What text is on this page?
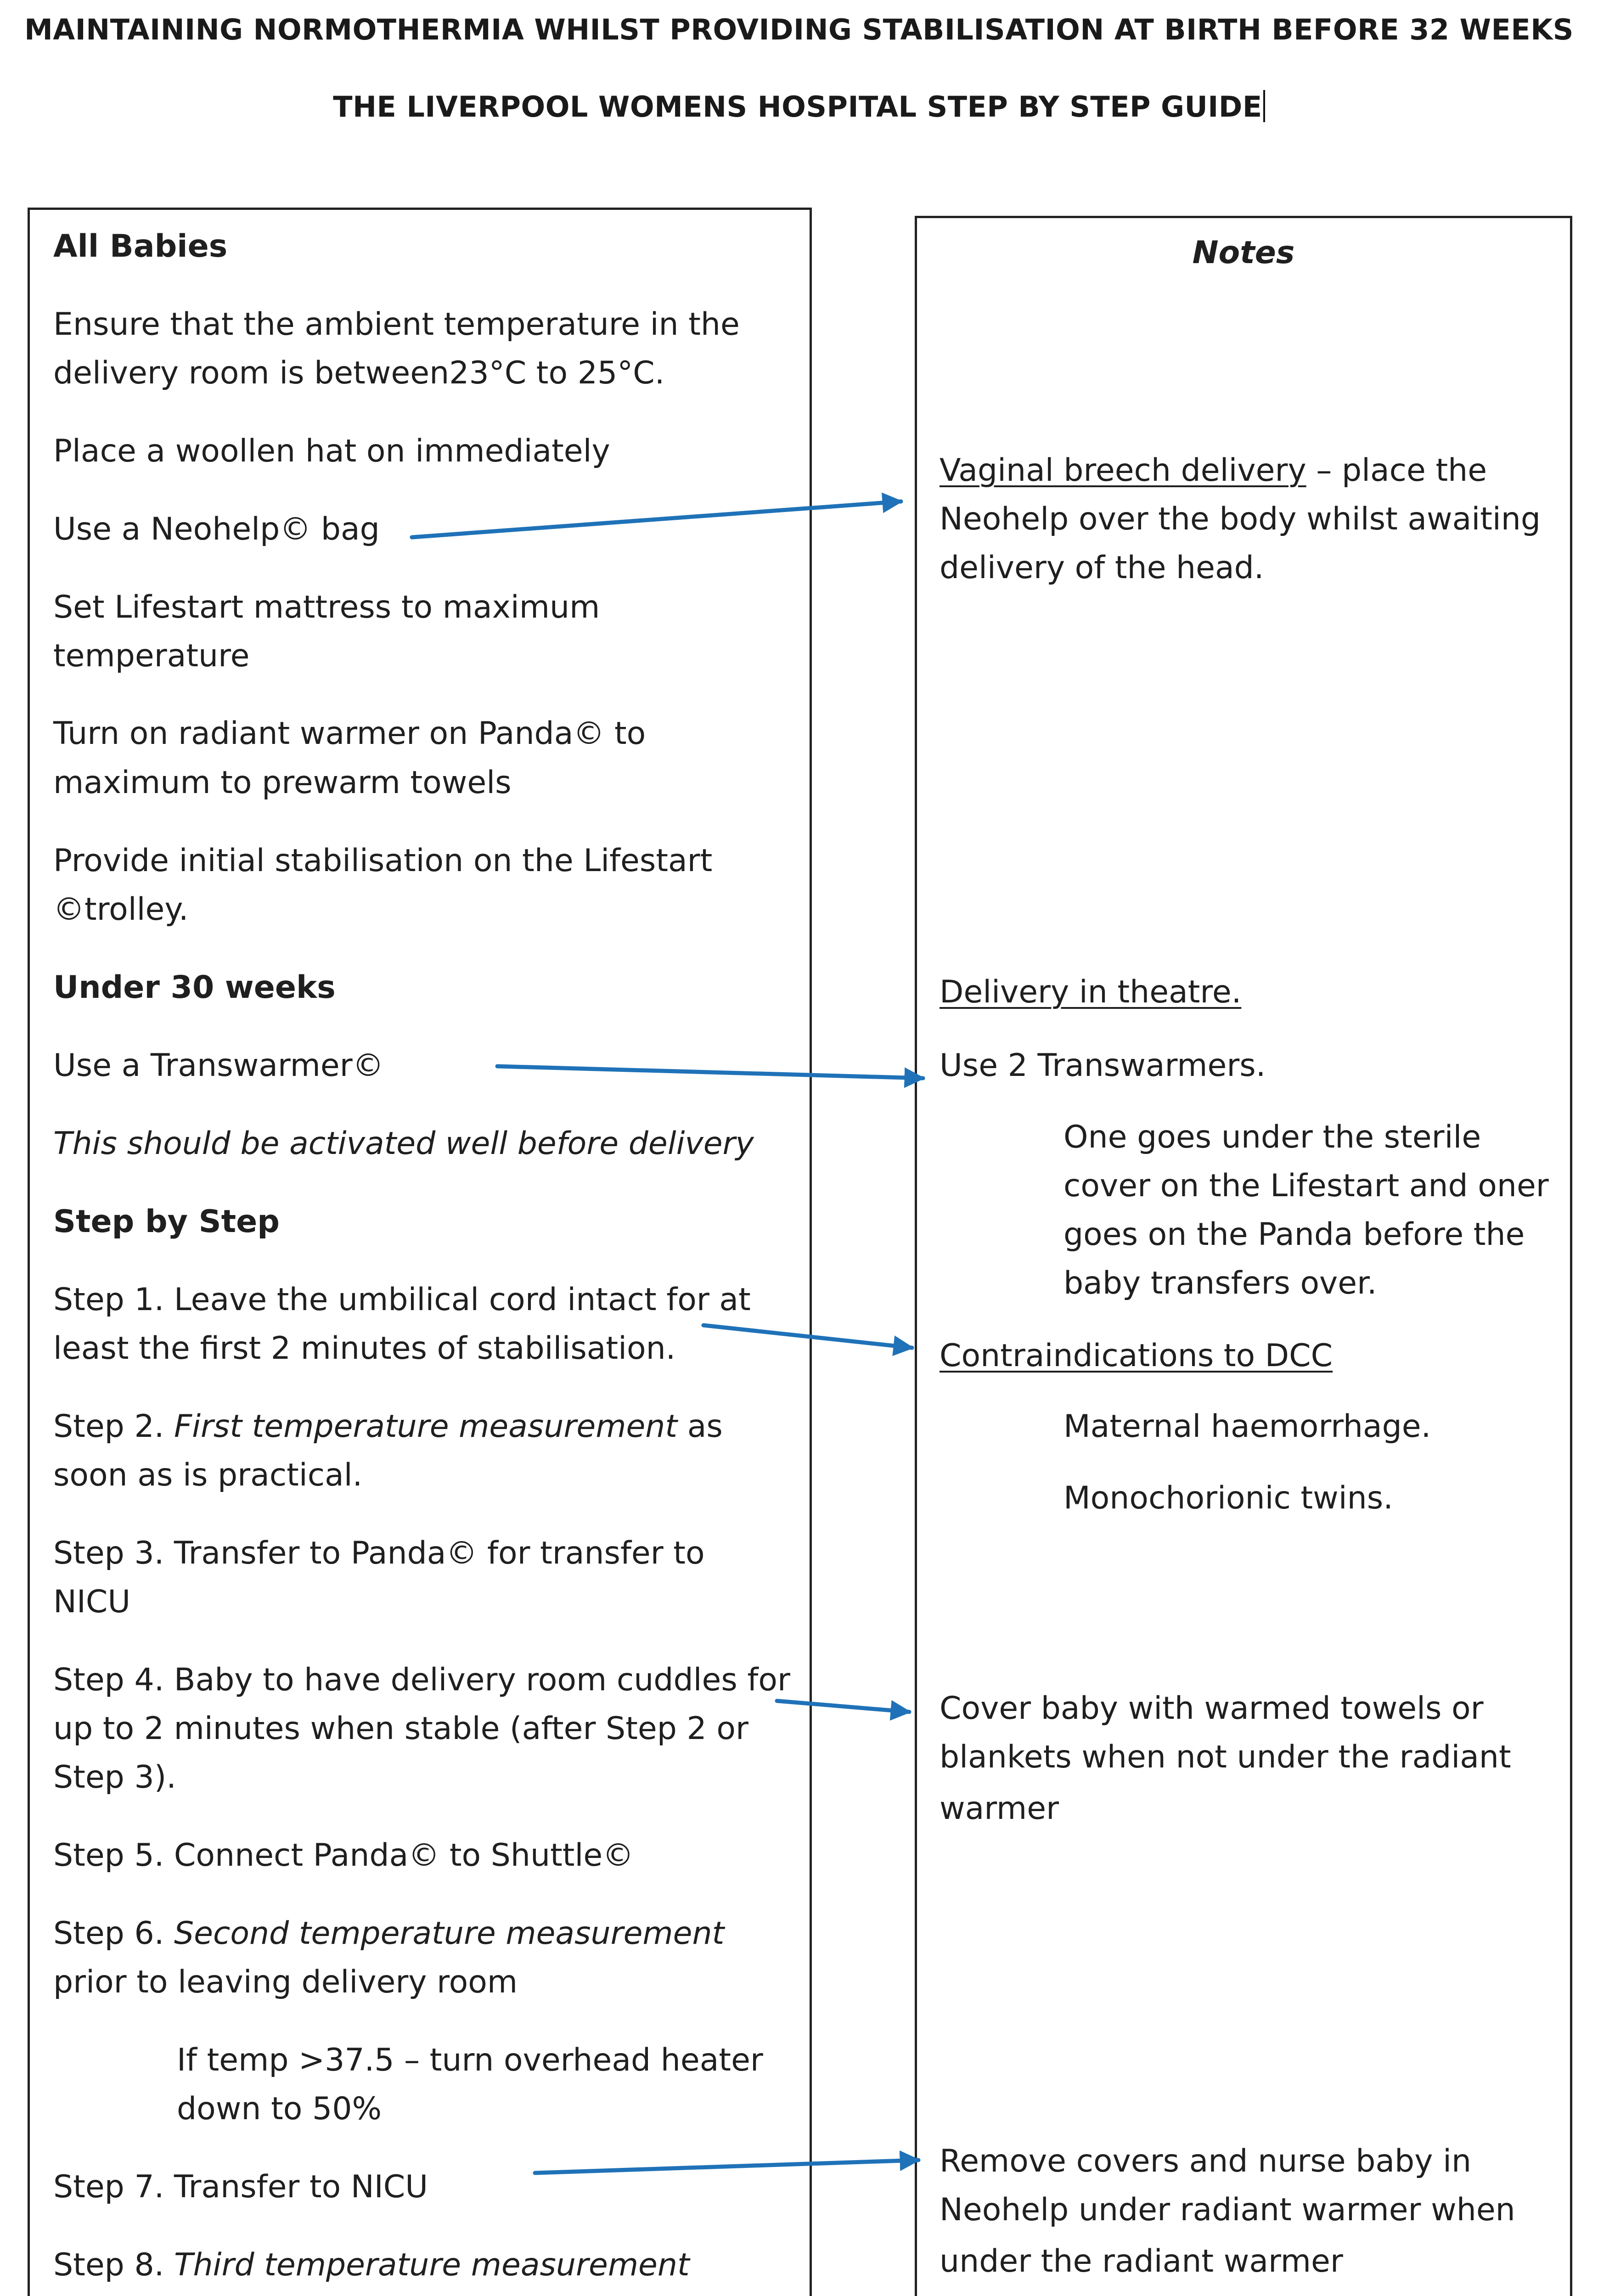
MAINTAINING NORMOTHERMIA WHILST PROVIDING STABILISATION AT BIRTH BEFORE 32 WEEKS
THE LIVERPOOL WOMENS HOSPITAL STEP BY STEP GUIDE
All Babies
Ensure that the ambient temperature in the
delivery room is between23°C to 25°C.
Place a woollen hat on immediately
Use a Neohelp© bag
Set Lifestart mattress to maximum
temperature
Turn on radiant warmer on Panda© to
maximum to prewarm towels
Provide initial stabilisation on the Lifestart
©trolley.
Under 30 weeks
Use a Transwarmer©
This should be activated well before delivery
Step by Step
Step 1. Leave the umbilical cord intact for at
least the first 2 minutes of stabilisation.
Step 2. First temperature measurement as
soon as is practical.
Step 3. Transfer to Panda© for transfer to
NICU
Step 4. Baby to have delivery room cuddles for
up to 2 minutes when stable (after Step 2 or
Step 3).
Step 5. Connect Panda© to Shuttle©
Step 6. Second temperature measurement
prior to leaving delivery room
If temp >37.5 – turn overhead heater
down to 50%
Step 7. Transfer to NICU
Step 8. Third temperature measurement
Notes
Vaginal breech delivery – place the
Neohelp over the body whilst awaiting
delivery of the head.
Delivery in theatre.
Use 2 Transwarmers.
One goes under the sterile
cover on the Lifestart and oner
goes on the Panda before the
baby transfers over.
Contraindications to DCC
Maternal haemorrhage.
Monochorionic twins.
Cover baby with warmed towels or
blankets when not under the radiant
warmer
Remove covers and nurse baby in
Neohelp under radiant warmer when
under the radiant warmer
